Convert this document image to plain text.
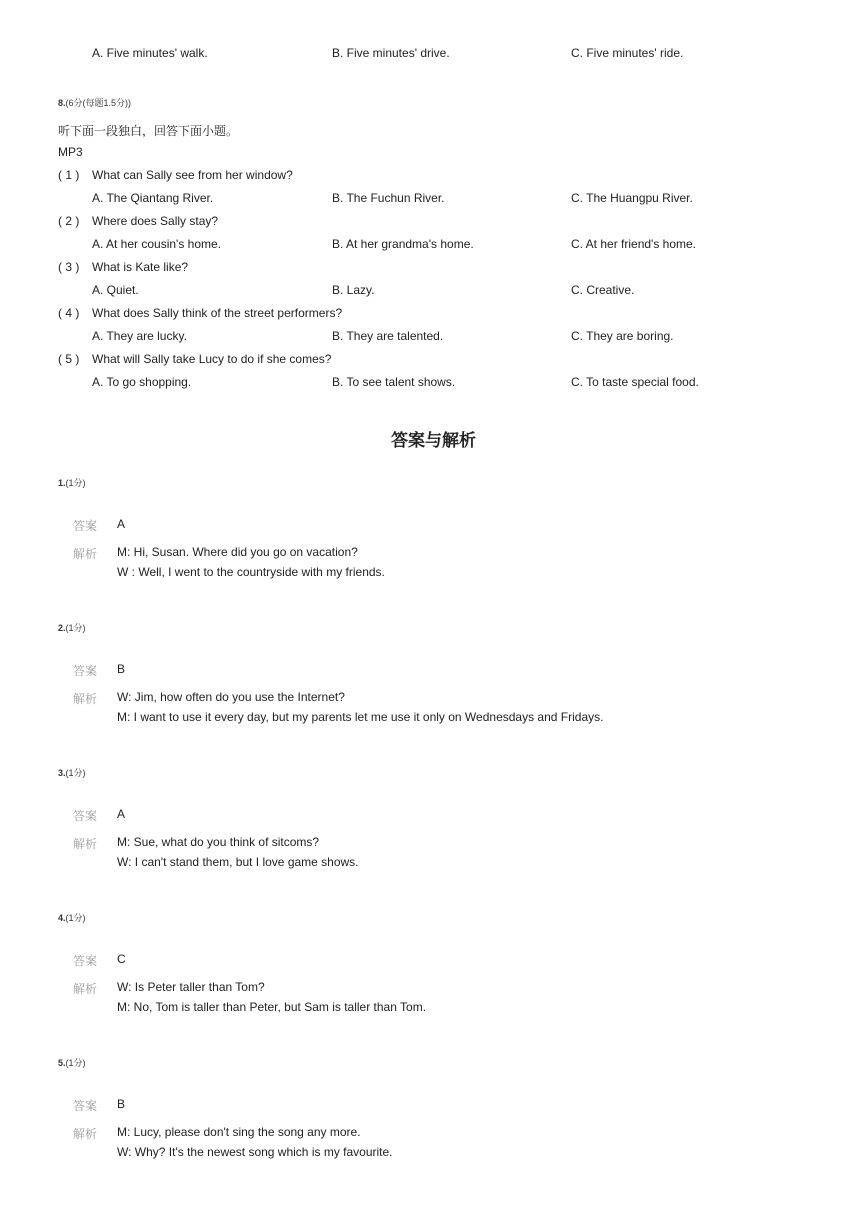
A. Five minutes' walk.	B. Five minutes' drive.	C. Five minutes' ride.
8.(6分(每题1.5分))
听下面一段独白，回答下面小题。
MP3
( 1 ) What can Sally see from her window?
A. The Qiantang River.	B. The Fuchun River.	C. The Huangpu River.
( 2 ) Where does Sally stay?
A. At her cousin's home.	B. At her grandma's home.	C. At her friend's home.
( 3 ) What is Kate like?
A. Quiet.	B. Lazy.	C. Creative.
( 4 ) What does Sally think of the street performers?
A. They are lucky.	B. They are talented.	C. They are boring.
( 5 ) What will Sally take Lucy to do if she comes?
A. To go shopping.	B. To see talent shows.	C. To taste special food.
答案与解析
1.(1分)
答案 A
解析 M: Hi, Susan. Where did you go on vacation?
W : Well, I went to the countryside with my friends.
2.(1分)
答案 B
解析 W: Jim, how often do you use the Internet?
M: I want to use it every day, but my parents let me use it only on Wednesdays and Fridays.
3.(1分)
答案 A
解析 M: Sue, what do you think of sitcoms?
W: I can't stand them, but I love game shows.
4.(1分)
答案 C
解析 W: Is Peter taller than Tom?
M: No, Tom is taller than Peter, but Sam is taller than Tom.
5.(1分)
答案 B
解析 M: Lucy, please don't sing the song any more.
W: Why? It's the newest song which is my favourite.
